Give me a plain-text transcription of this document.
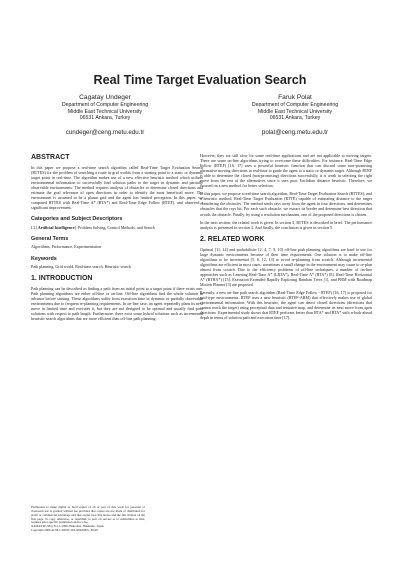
Real Time Target Evaluation Search
Cagatay Undeger
Department of Computer Engineering
Middle East Technical University
06531 Ankara, Turkey
cundeger@ceng.metu.edu.tr
Faruk Polat
Department of Computer Engineering
Middle East Technical University
06531 Ankara, Turkey
polat@ceng.metu.edu.tr
ABSTRACT

In this paper we propose a real-time search algorithm called Real-Time Target Evaluation Search (RTTES) for the problem of searching a route in grid worlds from a starting point to a static or dynamic target point in real-time. The algorithm makes use of a new effective heuristic method which utilizes environmental information to successfully find solution paths to the target in dynamic and partially observable environments. The method requires analysis of obstacles to determine closed directions and estimate the goal relevance of open directions in order to identify the most beneficial move. The environment is assumed to be a planar grid and the agent has limited perception. In this paper, we compared RTTES with Real-Time A* (RTA*) and Real-Time Edge Follow (RTEF), and observed a significant improvement.

Categories and Subject Descriptors

I.2 [Artificial Intelligence]: Problem Solving, Control Methods, and Search

General Terms

Algorithms, Performance, Experimentation

Keywords

Path planning, Grid world, Real-time search, Heuristic search

1. INTRODUCTION

Path planning can be described as finding a path from an initial point to a target point if there exists one. Path planning algorithms are either off-line or on-line. Off-line algorithms find the whole solution in advance before starting. These algorithms suffer from execution time in dynamic or partially observable environments due to frequent re-planning requirements. In on-line case, an agent repeatedly plans its next move in limited time and executes it, but they are not designed to be optimal and usually find poor solutions with respect to path length. Furthermore, there exist some hybrid solutions such as incremental heuristic search algorithms that are more efficient than off-line path planning.

Permission to make digital or hard copies of all or part of this work for personal or classroom use is granted without fee provided that copies are not made or distributed for profit or commercial advantage and that copies bear this notice and the full citation on the first page. To copy otherwise, or republish, to post on servers or to redistribute to lists, requires prior specific permission and/or a fee.

AAMAS'06, May 8–12, 2006, Hakodate, Hokkaido, Japan.

Copyright 2006 ACM 1-59593-303-4/06/0005...$5.00.

However, they are still slow for some real-time applications and are not applicable to moving targets. There are some on-line algorithms trying to overcome these difficulties. For instance, Real-Time Edge Follow (RTEF) [16, 17] uses a powerful heuristic function that can discard some non-promising alternative moving directions in real-time to guide the agent to a static or dynamic target. Although RTEF is able to determine the closed (non-promising) directions successfully, it is weak in selecting the right move from the rest of the alternatives since it uses poor Euclidian distance heuristic. Therefore, we focused on a new method for better selection.

In this paper, we propose a real-time search algorithm, Real-Time Target Evaluation Search (RTTES), and a heuristic method, Real-Time Target Evaluation (RTTE) capable of estimating distance to the target considering the obstacles. The method sends rays away from the agent in four directions, and determines obstacles that the rays hit. For each such obstacle, we extract its border and determine best direction that avoids the obstacle. Finally, by using a resolution mechanism, one of the proposed directions is chosen.

In the next section, the related work is given. In section 3, RTTES is described in brief. The performance analysis is presented in section 4. And finally, the conclusion is given in section 5.

2. RELATED WORK

Optimal [11, 14] and probabilistic [2, 4, 7, 9, 10] off-line path planning algorithms are hard to use for large dynamic environments because of their time requirements. One solution is to make off-line algorithms to be incremental [5, 6, 12, 13] to avoid re-planning from scratch. Although incremental algorithms are efficient in most cases, sometimes a small change in the environment may cause to re-plan almost from scratch. Due to the efficiency problems of off-line techniques, a number of on-line approaches such as Learning Real-Time A* (LRTA*), Real-Time A* (RTA*) [8], Real-Time Horizontal A* (RTHA*) [15], Execution Extended Rapidly Exploring Random Trees [1], and PRM with Roadmap Motion Planner [3] are proposed.

Recently, a new on-line path search algorithm (Real-Time Edge Follow - RTEF) [16, 17] is proposed for grid-type environments. RTEF uses a new heuristic (RTEF-ARM) that effectively makes use of global environmental information. With this heuristic, the agent can detect closed directions (directions that cannot reach the target) using perceptual data and tentative map, and determine its next move from open directions. Experimental study shows that RTEF performs better than RTA* and RTA* with n-look-ahead depth in terms of solution path and execution time [17].
